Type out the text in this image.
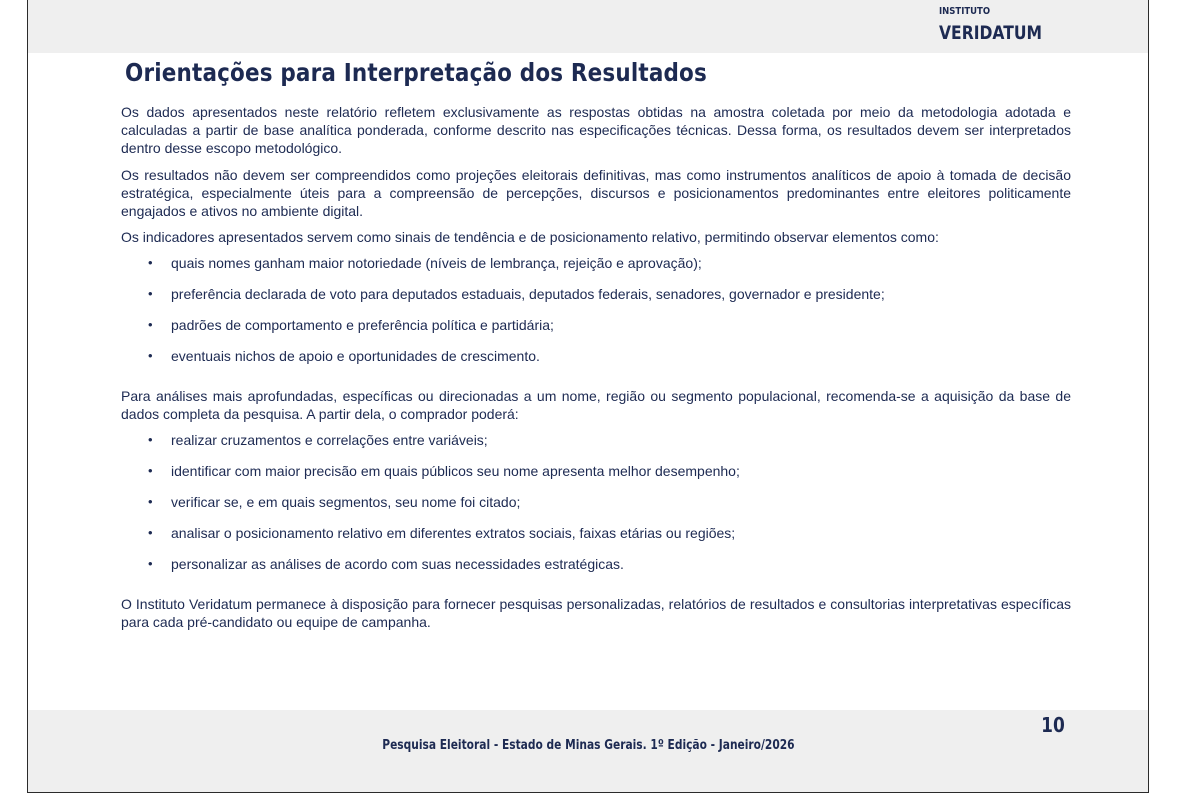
INSTITUTO
VERIDATUM
Orientações para Interpretação dos Resultados

Os dados apresentados neste relatório refletem exclusivamente as respostas obtidas na amostra coletada por meio da metodologia adotada e calculadas a partir de base analítica ponderada, conforme descrito nas especificações técnicas. Dessa forma, os resultados devem ser interpretados dentro desse escopo metodológico.

Os resultados não devem ser compreendidos como projeções eleitorais definitivas, mas como instrumentos analíticos de apoio à tomada de decisão estratégica, especialmente úteis para a compreensão de percepções, discursos e posicionamentos predominantes entre eleitores politicamente engajados e ativos no ambiente digital.

Os indicadores apresentados servem como sinais de tendência e de posicionamento relativo, permitindo observar elementos como:

• quais nomes ganham maior notoriedade (níveis de lembrança, rejeição e aprovação);
• preferência declarada de voto para deputados estaduais, deputados federais, senadores, governador e presidente;
• padrões de comportamento e preferência política e partidária;
• eventuais nichos de apoio e oportunidades de crescimento.

Para análises mais aprofundadas, específicas ou direcionadas a um nome, região ou segmento populacional, recomenda-se a aquisição da base de dados completa da pesquisa. A partir dela, o comprador poderá:

• realizar cruzamentos e correlações entre variáveis;
• identificar com maior precisão em quais públicos seu nome apresenta melhor desempenho;
• verificar se, e em quais segmentos, seu nome foi citado;
• analisar o posicionamento relativo em diferentes extratos sociais, faixas etárias ou regiões;
• personalizar as análises de acordo com suas necessidades estratégicas.

O Instituto Veridatum permanece à disposição para fornecer pesquisas personalizadas, relatórios de resultados e consultorias interpretativas específicas para cada pré-candidato ou equipe de campanha.

10
Pesquisa Eleitoral - Estado de Minas Gerais. 1º Edição - Janeiro/2026
